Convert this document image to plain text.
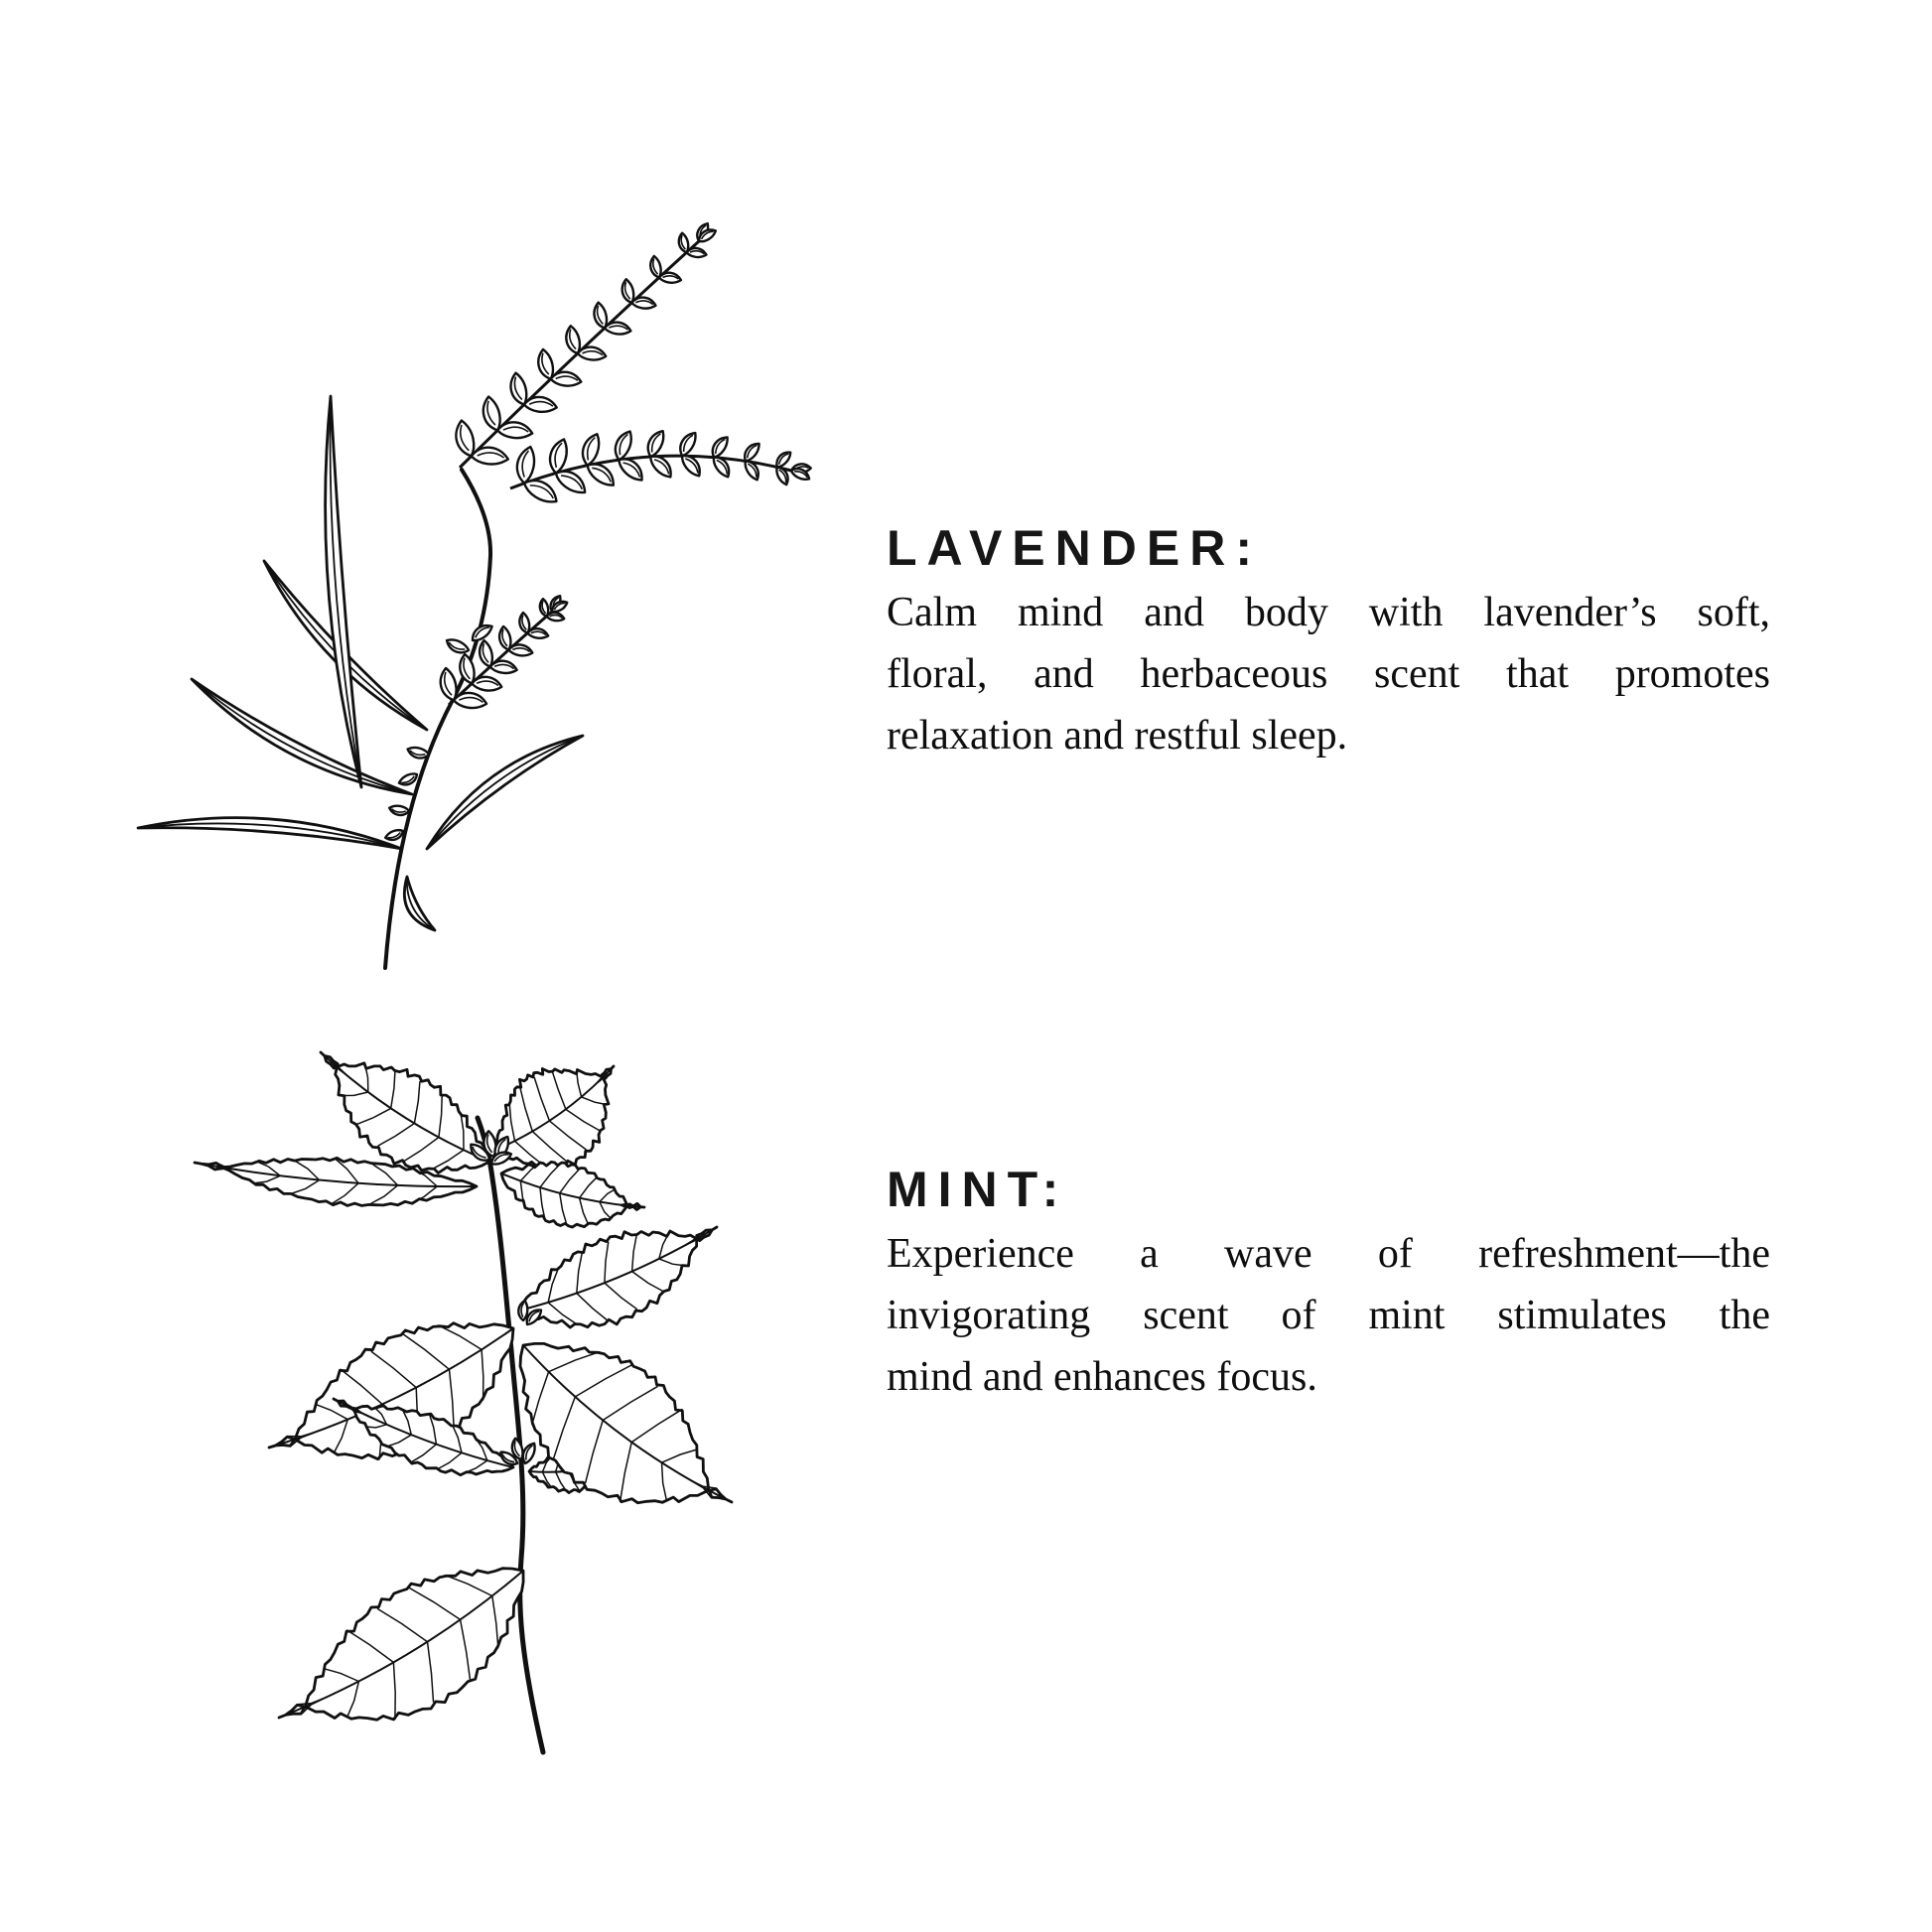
LAVENDER:
Calm mind and body with lavender’s soft,
floral, and herbaceous scent that promotes
relaxation and restful sleep.
MINT:
Experience a wave of refreshment—the
invigorating scent of mint stimulates the
mind and enhances focus.
